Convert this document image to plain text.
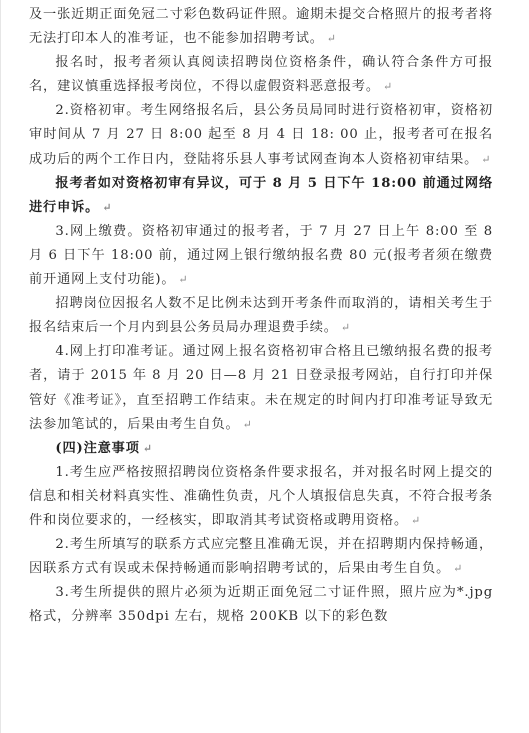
及一张近期正面免冠二寸彩色数码证件照。逾期未提交合格照片的报考者将无法打印本人的准考证，也不能参加招聘考试。 ↵

报名时，报考者须认真阅读招聘岗位资格条件，确认符合条件方可报名，建议慎重选择报考岗位，不得以虚假资料恶意报考。 ↵

2.资格初审。考生网络报名后，县公务员局同时进行资格初审，资格初审时间从 7 月 27 日 8:00 起至 8 月 4 日 18: 00 止，报考者可在报名成功后的两个工作日内，登陆将乐县人事考试网查询本人资格初审结果。 ↵

报考者如对资格初审有异议，可于 8 月 5 日下午 18:00 前通过网络进行申诉。 ↵

3.网上缴费。资格初审通过的报考者，于 7 月 27 日上午 8:00 至 8 月 6 日下午 18:00 前，通过网上银行缴纳报名费 80 元(报考者须在缴费前开通网上支付功能)。 ↵

招聘岗位因报名人数不足比例未达到开考条件而取消的，请相关考生于报名结束后一个月内到县公务员局办理退费手续。 ↵

4.网上打印准考证。通过网上报名资格初审合格且已缴纳报名费的报考者，请于 2015 年 8 月 20 日—8 月 21 日登录报考网站，自行打印并保管好《准考证》，直至招聘工作结束。未在规定的时间内打印准考证导致无法参加笔试的，后果由考生自负。 ↵

(四)注意事项 ↵

1.考生应严格按照招聘岗位资格条件要求报名，并对报名时网上提交的信息和相关材料真实性、准确性负责，凡个人填报信息失真，不符合报考条件和岗位要求的，一经核实，即取消其考试资格或聘用资格。 ↵

2.考生所填写的联系方式应完整且准确无误，并在招聘期内保持畅通，因联系方式有误或未保持畅通而影响招聘考试的，后果由考生自负。 ↵

3.考生所提供的照片必须为近期正面免冠二寸证件照，照片应为*.jpg 格式，分辨率 350dpi 左右，规格 200KB 以下的彩色数
